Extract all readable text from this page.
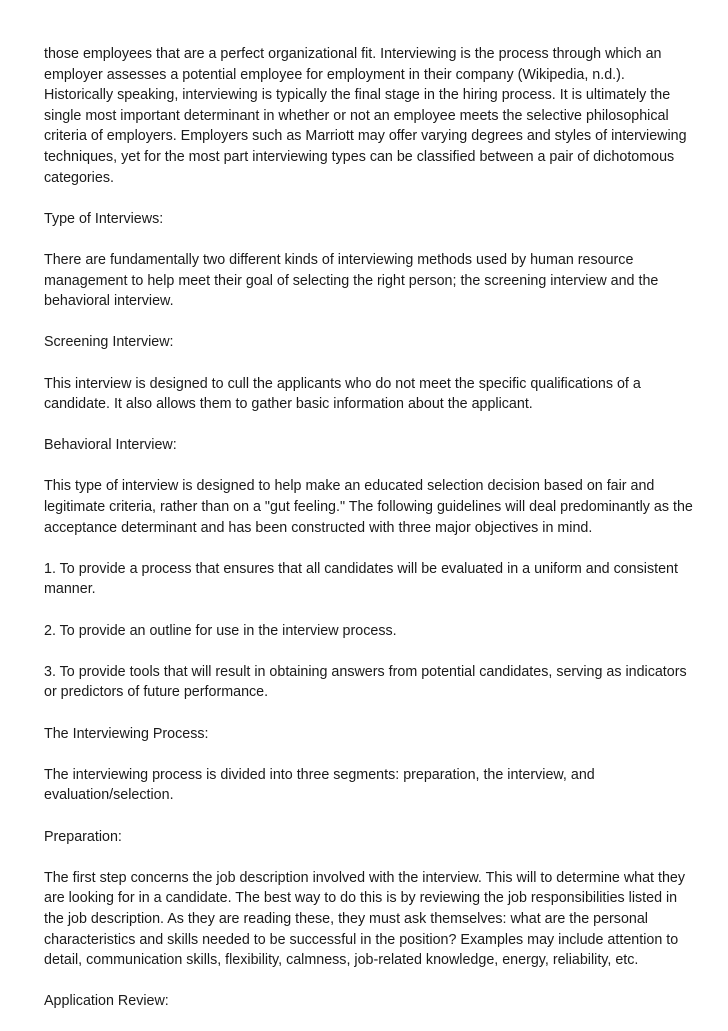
those employees that are a perfect organizational fit. Interviewing is the process through which an employer assesses a potential employee for employment in their company (Wikipedia, n.d.). Historically speaking, interviewing is typically the final stage in the hiring process. It is ultimately the single most important determinant in whether or not an employee meets the selective philosophical criteria of employers. Employers such as Marriott may offer varying degrees and styles of interviewing techniques, yet for the most part interviewing types can be classified between a pair of dichotomous categories.

Type of Interviews:

There are fundamentally two different kinds of interviewing methods used by human resource management to help meet their goal of selecting the right person; the screening interview and the behavioral interview.

Screening Interview:

This interview is designed to cull the applicants who do not meet the specific qualifications of a candidate. It also allows them to gather basic information about the applicant.

Behavioral Interview:

This type of interview is designed to help make an educated selection decision based on fair and legitimate criteria, rather than on a "gut feeling." The following guidelines will deal predominantly as the acceptance determinant and has been constructed with three major objectives in mind.

1. To provide a process that ensures that all candidates will be evaluated in a uniform and consistent manner.

2. To provide an outline for use in the interview process.

3. To provide tools that will result in obtaining answers from potential candidates, serving as indicators or predictors of future performance.

The Interviewing Process:

The interviewing process is divided into three segments: preparation, the interview, and evaluation/selection.

Preparation:

The first step concerns the job description involved with the interview. This will to determine what they are looking for in a candidate. The best way to do this is by reviewing the job responsibilities listed in the job description. As they are reading these, they must ask themselves: what are the personal characteristics and skills needed to be successful in the position? Examples may include attention to detail, communication skills, flexibility, calmness, job-related knowledge, energy, reliability, etc.

Application Review:
